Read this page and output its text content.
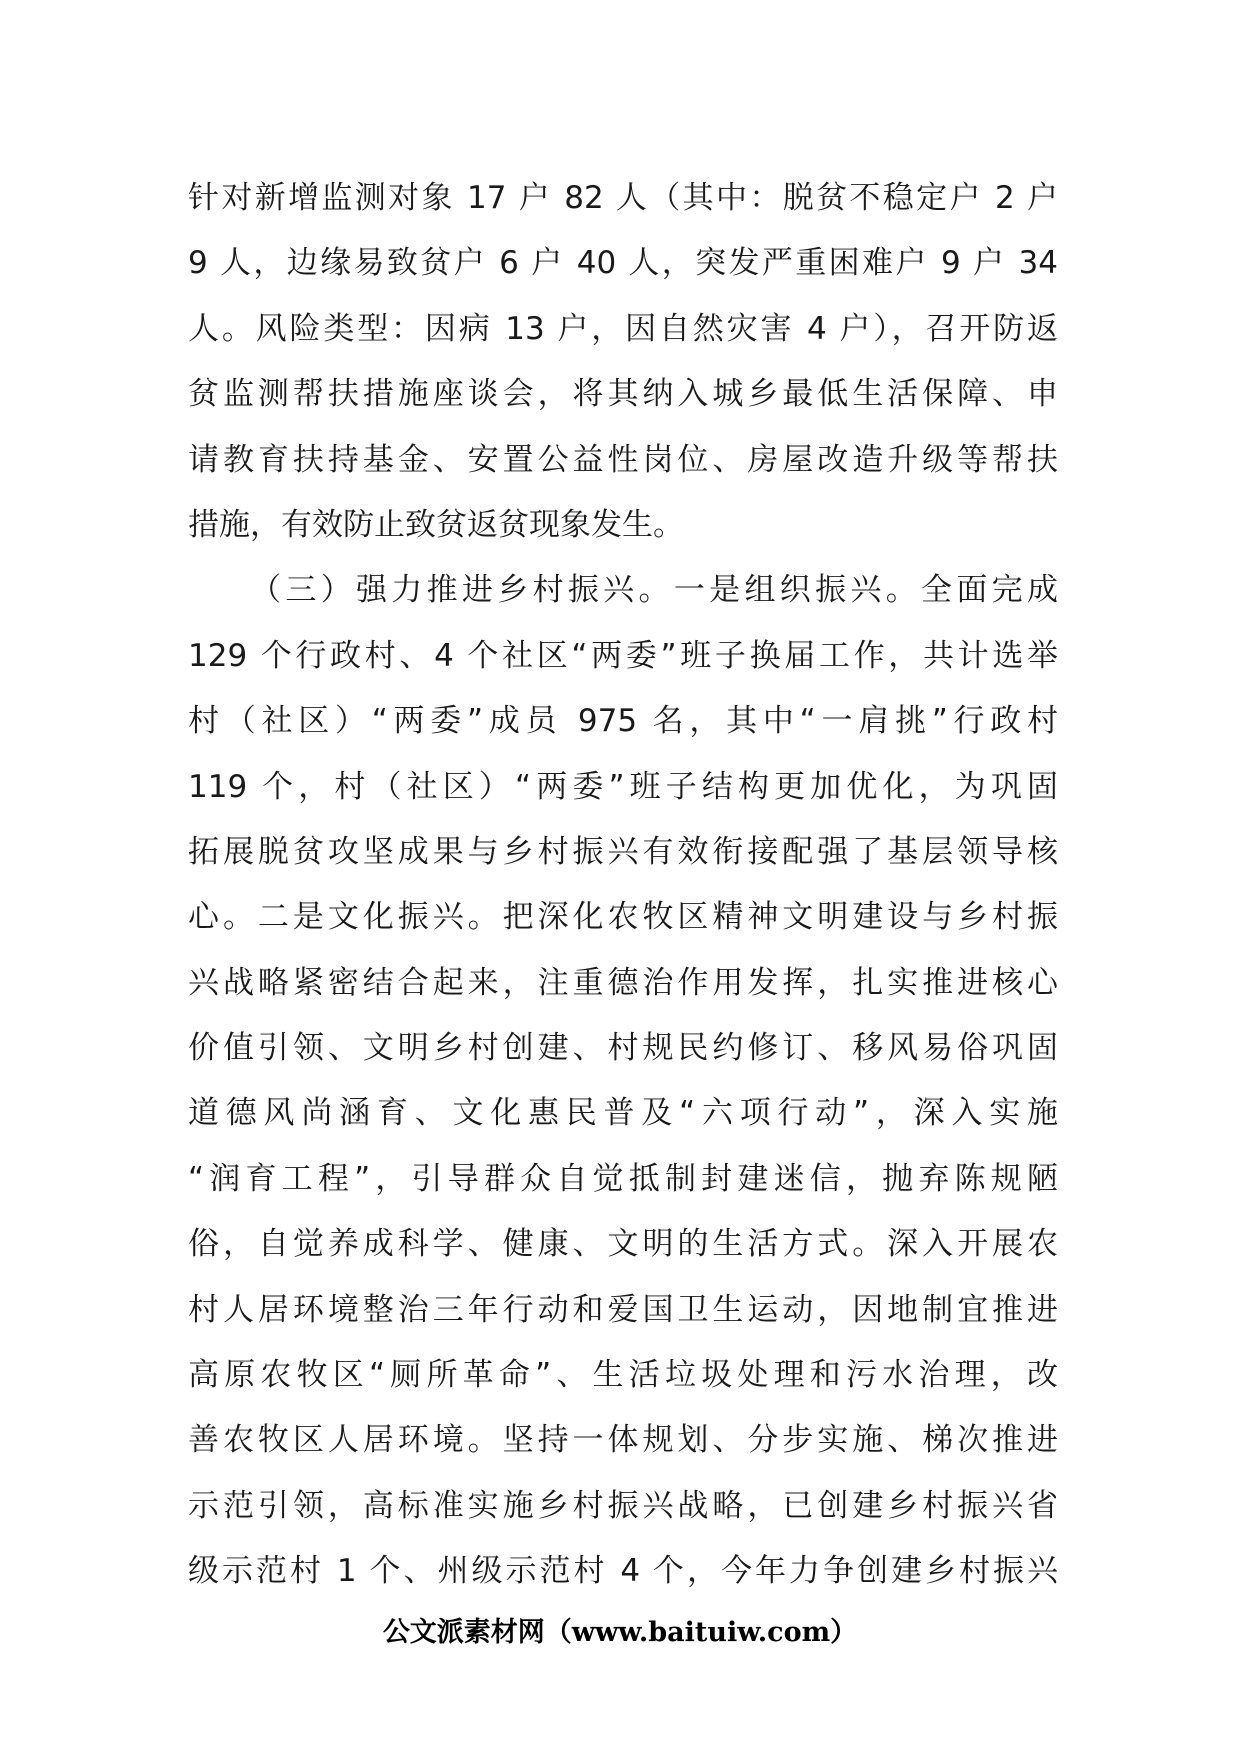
针对新增监测对象 17 户 82 人（其中：脱贫不稳定户 2 户
9 人，边缘易致贫户 6 户 40 人，突发严重困难户 9 户 34
人。风险类型：因病 13 户，因自然灾害 4 户），召开防返
贫监测帮扶措施座谈会，将其纳入城乡最低生活保障、申
请教育扶持基金、安置公益性岗位、房屋改造升级等帮扶
措施，有效防止致贫返贫现象发生。
（三）强力推进乡村振兴。一是组织振兴。全面完成
129 个行政村、4 个社区“两委”班子换届工作，共计选举
村（社区）“两委”成员 975 名，其中“一肩挑”行政村
119 个，村（社区）“两委”班子结构更加优化，为巩固
拓展脱贫攻坚成果与乡村振兴有效衔接配强了基层领导核
心。二是文化振兴。把深化农牧区精神文明建设与乡村振
兴战略紧密结合起来，注重德治作用发挥，扎实推进核心
价值引领、文明乡村创建、村规民约修订、移风易俗巩固
道德风尚涵育、文化惠民普及“六项行动”，深入实施
“润育工程”，引导群众自觉抵制封建迷信，抛弃陈规陋
俗，自觉养成科学、健康、文明的生活方式。深入开展农
村人居环境整治三年行动和爱国卫生运动，因地制宜推进
高原农牧区“厕所革命”、生活垃圾处理和污水治理，改
善农牧区人居环境。坚持一体规划、分步实施、梯次推进
示范引领，高标准实施乡村振兴战略，已创建乡村振兴省
级示范村 1 个、州级示范村 4 个，今年力争创建乡村振兴
公文派素材网（www.baituiw.com）
